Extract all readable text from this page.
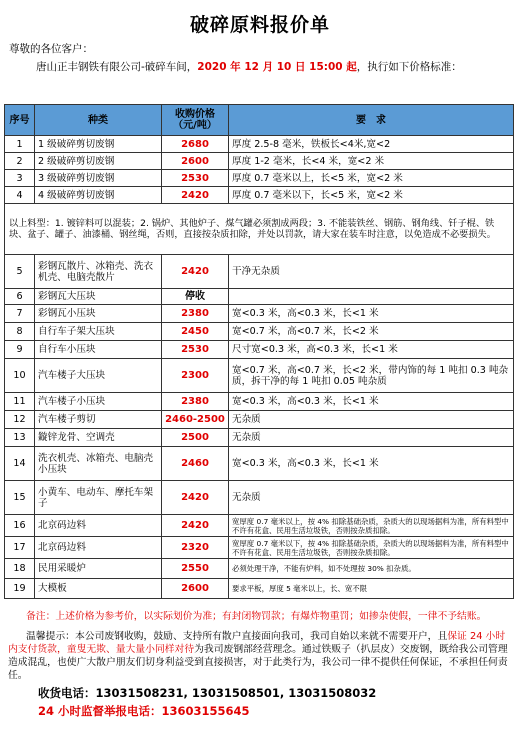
破碎原料报价单
尊敬的各位客户：
唐山正丰钢铁有限公司-破碎车间，2020 年 12 月 10 日 15:00 起，执行如下价格标准：
序号	种类	收购价格（元/吨）	要　求
1	1 级破碎剪切废钢	2680	厚度 2.5-8 毫米，铁板长<4米,宽<2
2	2 级破碎剪切废钢	2600	厚度 1-2 毫米，长<4 米，宽<2 米
3	3 级破碎剪切废钢	2530	厚度 0.7 毫米以上，长<5 米，宽<2 米
4	4 级破碎剪切废钢	2420	厚度 0.7 毫米以下，长<5 米，宽<2 米
以上料型：1. 镀锌料可以混装；2. 锅炉、其他炉子、煤气罐必须割成两段；3. 不能装铁丝、钢筋、钢角线、钎子棍、铁块、盆子、罐子、油漆桶、钢丝绳，否则，直接按杂质扣除，并处以罚款，请大家在装车时注意，以免造成不必要损失。			
5	彩钢瓦散片、冰箱壳、洗衣机壳、电脑壳散片	2420	干净无杂质
6	彩钢瓦大压块	停收	
7	彩钢瓦小压块	2380	宽<0.3 米，高<0.3 米，长<1 米
8	自行车子架大压块	2450	宽<0.7 米，高<0.7 米，长<2 米
9	自行车小压块	2530	尺寸宽<0.3 米，高<0.3 米，长<1 米
10	汽车楼子大压块	2300	宽<0.7 米，高<0.7 米，长<2 米，带内饰的每 1 吨扣 0.3 吨杂质，拆干净的每 1 吨扣 0.05 吨杂质
11	汽车楼子小压块	2380	宽<0.3 米，高<0.3 米，长<1 米
12	汽车楼子剪切	2460-2500	无杂质
13	鏇锌龙骨、空调壳	2500	无杂质
14	洗衣机壳、冰箱壳、电脑壳小压块	2460	宽<0.3 米，高<0.3 米，长<1 米
15	小黄车、电动车、摩托车架子	2420	无杂质
16	北京码边料	2420	宽厚度 0.7 毫米以上，按 4% 扣除基础杂质，杂质大的以现场据料为准，所有料型中不许有花盒、民用生活垃圾铁，否则按杂质扣除。
17	北京码边料	2320	宽厚度 0.7 毫米以下，按 4% 扣除基础杂质，杂质大的以现场据料为准，所有料型中不许有花盒、民用生活垃圾铁，否则按杂质扣除。
18	民用采暖炉	2550	必须处理干净，不能有炉料，如不处理按 30% 扣杂质。
19	大模板	2600	要求平板，厚度 5 毫米以上，长、宽不限
备注：上述价格为参考价，以实际划价为准；有封闭物罚款；有爆炸物重罚；如掺杂使假，一律不予结账。
温馨提示：本公司废钢收购，鼓励、支持所有散户直接面向我司，我司自始以来就不需要开户，且保证 24 小时内支付货款，童叟无欺、量大量小同样对待为我司废钢部经营理念。通过铁贩子（扒层皮）交废钢，既给我公司管理造成混乱，也使广大散户朋友们切身利益受到直接损害，对于此类行为，我公司一律不提供任何保证，不承担任何责任。
收货电话：13031508231, 13031508501, 13031508032
24 小时监督举报电话：13603155645
